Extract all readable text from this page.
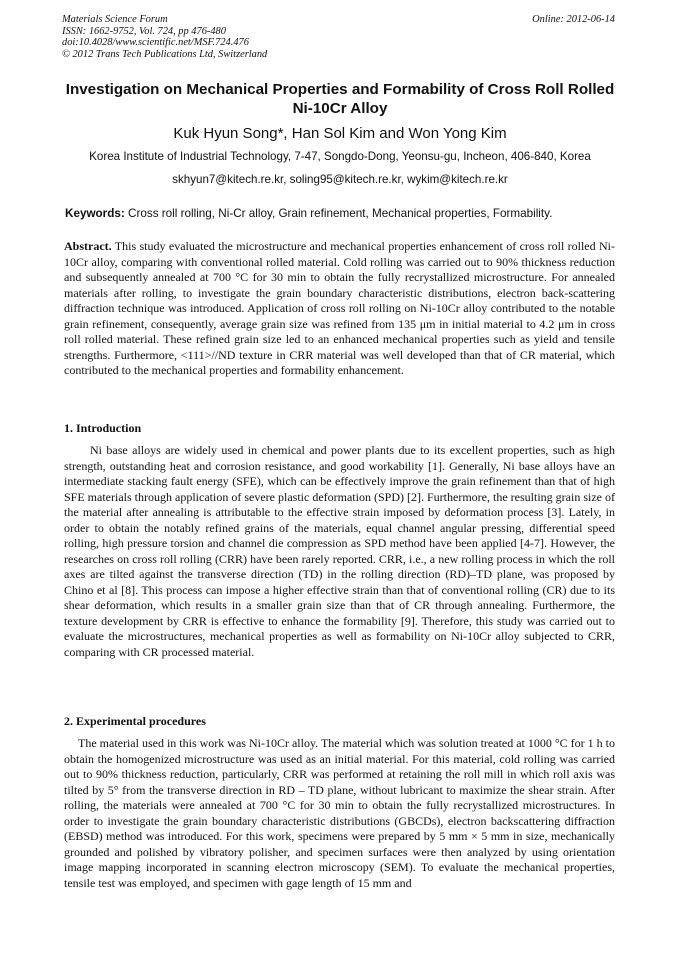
Materials Science Forum
ISSN: 1662-9752, Vol. 724, pp 476-480
doi:10.4028/www.scientific.net/MSF.724.476
© 2012 Trans Tech Publications Ltd, Switzerland
Online: 2012-06-14
Investigation on Mechanical Properties and Formability of Cross Roll Rolled Ni-10Cr Alloy
Kuk Hyun Song*, Han Sol Kim and Won Yong Kim
Korea Institute of Industrial Technology, 7-47, Songdo-Dong, Yeonsu-gu, Incheon, 406-840, Korea
skhyun7@kitech.re.kr, soling95@kitech.re.kr, wykim@kitech.re.kr
Keywords: Cross roll rolling, Ni-Cr alloy, Grain refinement, Mechanical properties, Formability.
Abstract. This study evaluated the microstructure and mechanical properties enhancement of cross roll rolled Ni-10Cr alloy, comparing with conventional rolled material. Cold rolling was carried out to 90% thickness reduction and subsequently annealed at 700 °C for 30 min to obtain the fully recrystallized microstructure. For annealed materials after rolling, to investigate the grain boundary characteristic distributions, electron back-scattering diffraction technique was introduced. Application of cross roll rolling on Ni-10Cr alloy contributed to the notable grain refinement, consequently, average grain size was refined from 135 μm in initial material to 4.2 μm in cross roll rolled material. These refined grain size led to an enhanced mechanical properties such as yield and tensile strengths. Furthermore, <111>//ND texture in CRR material was well developed than that of CR material, which contributed to the mechanical properties and formability enhancement.
1. Introduction
Ni base alloys are widely used in chemical and power plants due to its excellent properties, such as high strength, outstanding heat and corrosion resistance, and good workability [1]. Generally, Ni base alloys have an intermediate stacking fault energy (SFE), which can be effectively improve the grain refinement than that of high SFE materials through application of severe plastic deformation (SPD) [2]. Furthermore, the resulting grain size of the material after annealing is attributable to the effective strain imposed by deformation process [3]. Lately, in order to obtain the notably refined grains of the materials, equal channel angular pressing, differential speed rolling, high pressure torsion and channel die compression as SPD method have been applied [4-7]. However, the researches on cross roll rolling (CRR) have been rarely reported. CRR, i.e., a new rolling process in which the roll axes are tilted against the transverse direction (TD) in the rolling direction (RD)–TD plane, was proposed by Chino et al [8]. This process can impose a higher effective strain than that of conventional rolling (CR) due to its shear deformation, which results in a smaller grain size than that of CR through annealing. Furthermore, the texture development by CRR is effective to enhance the formability [9]. Therefore, this study was carried out to evaluate the microstructures, mechanical properties as well as formability on Ni-10Cr alloy subjected to CRR, comparing with CR processed material.
2. Experimental procedures
The material used in this work was Ni-10Cr alloy. The material which was solution treated at 1000 °C for 1 h to obtain the homogenized microstructure was used as an initial material. For this material, cold rolling was carried out to 90% thickness reduction, particularly, CRR was performed at retaining the roll mill in which roll axis was tilted by 5° from the transverse direction in RD – TD plane, without lubricant to maximize the shear strain. After rolling, the materials were annealed at 700 °C for 30 min to obtain the fully recrystallized microstructures. In order to investigate the grain boundary characteristic distributions (GBCDs), electron backscattering diffraction (EBSD) method was introduced. For this work, specimens were prepared by 5 mm × 5 mm in size, mechanically grounded and polished by vibratory polisher, and specimen surfaces were then analyzed by using orientation image mapping incorporated in scanning electron microscopy (SEM). To evaluate the mechanical properties, tensile test was employed, and specimen with gage length of 15 mm and
